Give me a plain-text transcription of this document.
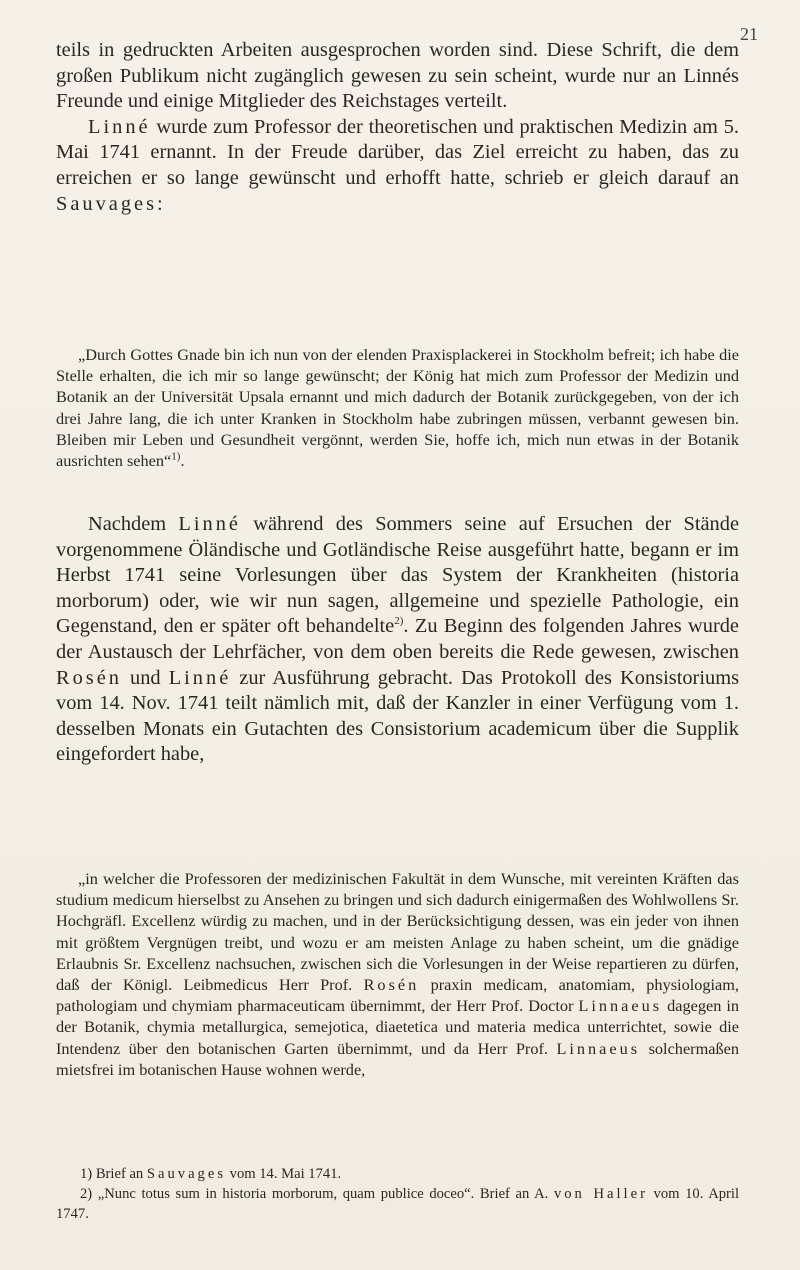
21

teils in gedruckten Arbeiten ausgesprochen worden sind. Diese Schrift, die dem großen Publikum nicht zugänglich gewesen zu sein scheint, wurde nur an Linnés Freunde und einige Mitglieder des Reichstages verteilt.

Linné wurde zum Professor der theoretischen und praktischen Medizin am 5. Mai 1741 ernannt. In der Freude darüber, das Ziel erreicht zu haben, das zu erreichen er so lange gewünscht und erhofft hatte, schrieb er gleich darauf an Sauvages:

„Durch Gottes Gnade bin ich nun von der elenden Praxisplackerei in Stockholm befreit; ich habe die Stelle erhalten, die ich mir so lange gewünscht; der König hat mich zum Professor der Medizin und Botanik an der Universität Upsala ernannt und mich dadurch der Botanik zurückgegeben, von der ich drei Jahre lang, die ich unter Kranken in Stockholm habe zubringen müssen, verbannt gewesen bin. Bleiben mir Leben und Gesundheit vergönnt, werden Sie, hoffe ich, mich nun etwas in der Botanik ausrichten sehen“$^{1)}$.

Nachdem Linné während des Sommers seine auf Ersuchen der Stände vorgenommene Öländische und Gotländische Reise ausgeführt hatte, begann er im Herbst 1741 seine Vorlesungen über das System der Krankheiten (historia morborum) oder, wie wir nun sagen, allgemeine und spezielle Pathologie, ein Gegenstand, den er später oft behandelte$^{2)}$. Zu Beginn des folgenden Jahres wurde der Austausch der Lehrfächer, von dem oben bereits die Rede gewesen, zwischen Rosén und Linné zur Ausführung gebracht. Das Protokoll des Konsistoriums vom 14. Nov. 1741 teilt nämlich mit, daß der Kanzler in einer Verfügung vom 1. desselben Monats ein Gutachten des Consistorium academicum über die Supplik eingefordert habe,

„in welcher die Professoren der medizinischen Fakultät in dem Wunsche, mit vereinten Kräften das studium medicum hierselbst zu Ansehen zu bringen und sich dadurch einigermaßen des Wohlwollens Sr. Hochgräfl. Excellenz würdig zu machen, und in der Berücksichtigung dessen, was ein jeder von ihnen mit größtem Vergnügen treibt, und wozu er am meisten Anlage zu haben scheint, um die gnädige Erlaubnis Sr. Excellenz nachsuchen, zwischen sich die Vorlesungen in der Weise repartieren zu dürfen, daß der Königl. Leibmedicus Herr Prof. Rosén praxin medicam, anatomiam, physiologiam, pathologiam und chymiam pharmaceuticam übernimmt, der Herr Prof. Doctor Linnaeus dagegen in der Botanik, chymia metallurgica, semejotica, diaetetica und materia medica unterrichtet, sowie die Intendenz über den botanischen Garten übernimmt, und da Herr Prof. Linnaeus solchermaßen mietsfrei im botanischen Hause wohnen werde,

1) Brief an Sauvages vom 14. Mai 1741.

2) „Nunc totus sum in historia morborum, quam publice doceo“. Brief an A. von Haller vom 10. April 1747.
